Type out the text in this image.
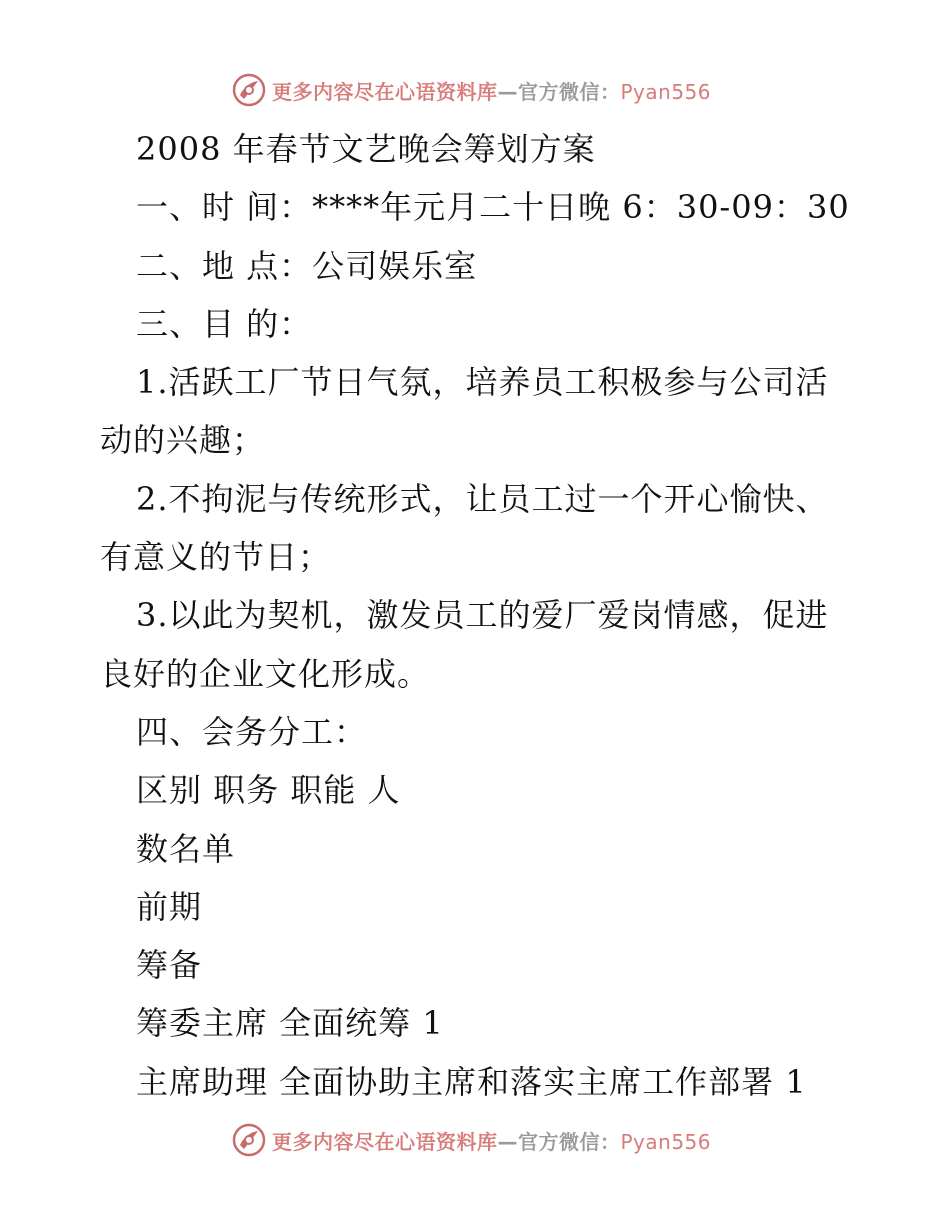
更多内容尽在心语资料库—官方微信：Pyan556
2008 年春节文艺晚会筹划方案
一、时 间：****年元月二十日晚 6：30-09：30
二、地 点：公司娱乐室
三、目 的：
1.活跃工厂节日气氛，培养员工积极参与公司活
动的兴趣；
2.不拘泥与传统形式，让员工过一个开心愉快、
有意义的节日；
3.以此为契机，激发员工的爱厂爱岗情感，促进
良好的企业文化形成。
四、会务分工：
区别 职务 职能 人
数名单
前期
筹备
筹委主席 全面统筹 1
主席助理 全面协助主席和落实主席工作部署 1
更多内容尽在心语资料库—官方微信：Pyan556
